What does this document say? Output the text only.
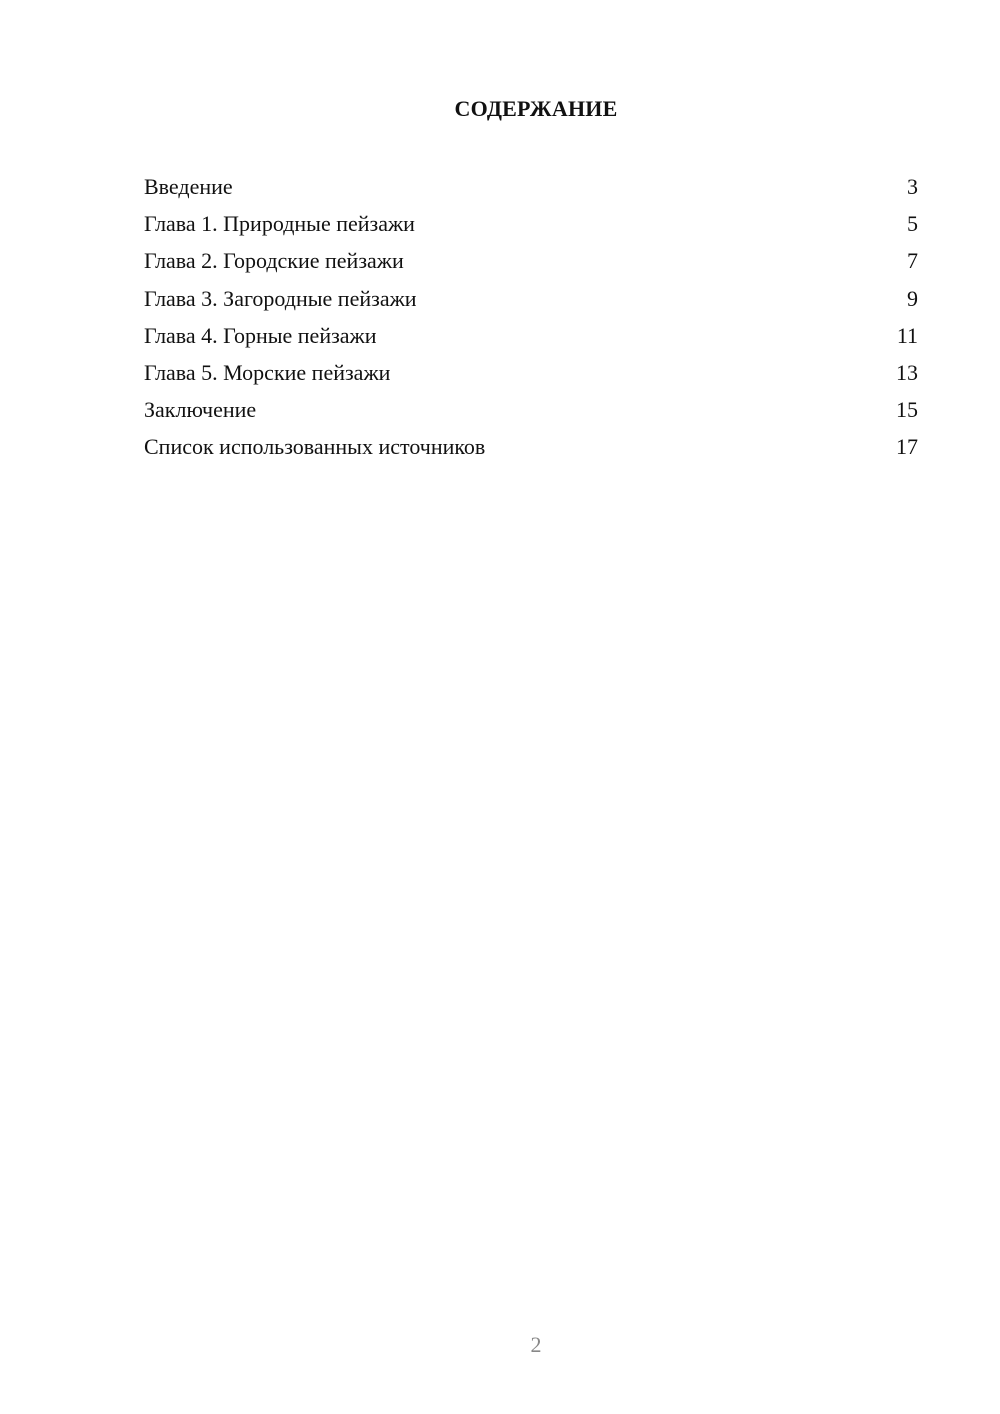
СОДЕРЖАНИЕ
Введение	3
Глава 1. Природные пейзажи	5
Глава 2. Городские пейзажи	7
Глава 3. Загородные пейзажи	9
Глава 4. Горные пейзажи	11
Глава 5. Морские пейзажи	13
Заключение	15
Список использованных источников	17
2
